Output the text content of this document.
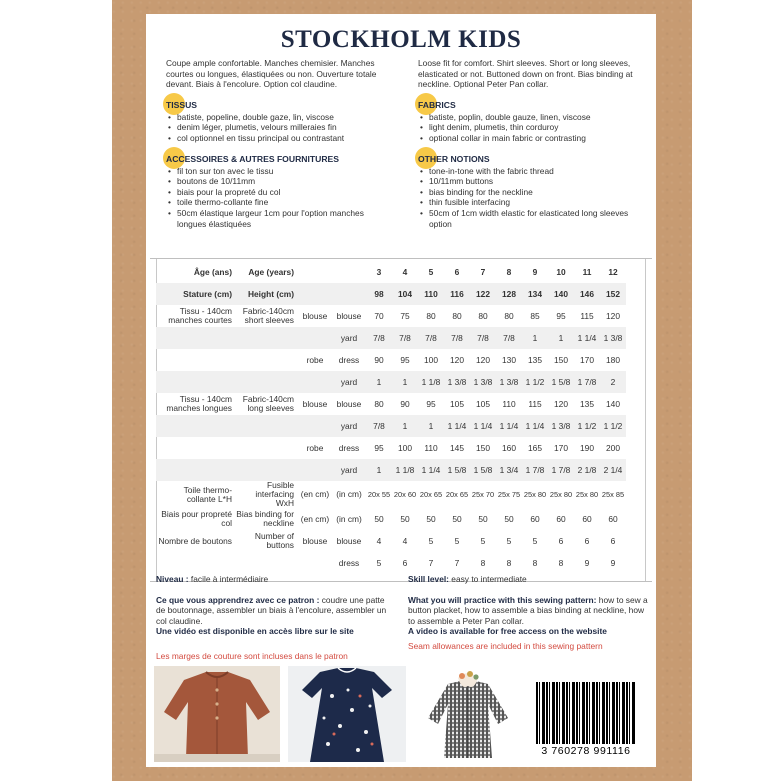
STOCKHOLM KIDS

Coupe ample confortable. Manches chemisier. Manches courtes ou longues, élastiquées ou non. Ouverture totale devant. Biais à l'encolure. Option col claudine.

TISSUS
• batiste, popeline, double gaze, lin, viscose
• denim léger, plumetis, velours milleraies fin
• col optionnel en tissu principal ou contrastant
ACCESSOIRES & AUTRES FOURNITURES
• fil ton sur ton avec le tissu
• boutons de 10/11mm
• biais pour la propreté du col
• toile thermo-collante fine
• 50cm élastique largeur 1cm pour l'option manches longues élastiquées

Loose fit for comfort. Shirt sleeves. Short or long sleeves, elasticated or not. Buttoned down on front. Bias binding at neckline. Optional Peter Pan collar.

FABRICS
• batiste, poplin, double gauze, linen, viscose
• light denim, plumetis, thin corduroy
• optional collar in main fabric or contrasting
OTHER NOTIONS
• tone-in-tone with the fabric thread
• 10/11mm buttons
• bias binding for the neckline
• thin fusible interfacing
• 50cm of 1cm width elastic for elasticated long sleeves option
Âge (ans)	Age (years)			3	4	5	6	7	8	9	10	11	12
Stature (cm)	Height (cm)			98	104	110	116	122	128	134	140	146	152
Tissu - 140cm manches courtes	Fabric-140cm short sleeves	blouse	blouse	70	75	80	80	80	80	85	95	115	120
			yard	7/8	7/8	7/8	7/8	7/8	7/8	1	1	1 1/4	1 3/8
		robe	dress	90	95	100	120	120	130	135	150	170	180
			yard	1	1	1 1/8	1 3/8	1 3/8	1 3/8	1 1/2	1 5/8	1 7/8	2
Tissu - 140cm manches longues	Fabric-140cm long sleeves	blouse	blouse	80	90	95	105	105	110	115	120	135	140
			yard	7/8	1	1	1 1/4	1 1/4	1 1/4	1 1/4	1 3/8	1 1/2	1 1/2
		robe	dress	95	100	110	145	150	160	165	170	190	200
			yard	1	1 1/8	1 1/4	1 5/8	1 5/8	1 3/4	1 7/8	1 7/8	2 1/8	2 1/4
Toile thermo-collante L*H	Fusible interfacing WxH	(en cm)	(in cm)	20x 55	20x 60	20x 65	20x 65	25x 70	25x 75	25x 80	25x 80	25x 80	25x 85
Biais pour propreté col	Bias binding for neckline	(en cm)	(in cm)	50	50	50	50	50	50	60	60	60	60
Nombre de boutons	Number of buttons	blouse	blouse	4	4	5	5	5	5	5	6	6	6
			dress	5	6	7	7	8	8	8	8	9	9

Niveau : facile à intermédiaire

Ce que vous apprendrez avec ce patron : coudre une patte de boutonnage, assembler un biais à l'encolure, assembler un col claudine.

Une vidéo est disponible en accès libre sur le site

Les marges de couture sont incluses dans le patron

Skill level: easy to intermediate

What you will practice with this sewing pattern: how to sew a button placket, how to assemble a bias binding at neckline, how to assemble a Peter Pan collar.

A video is available for free access on the website

Seam allowances are included in this sewing pattern

3 760278 991116
